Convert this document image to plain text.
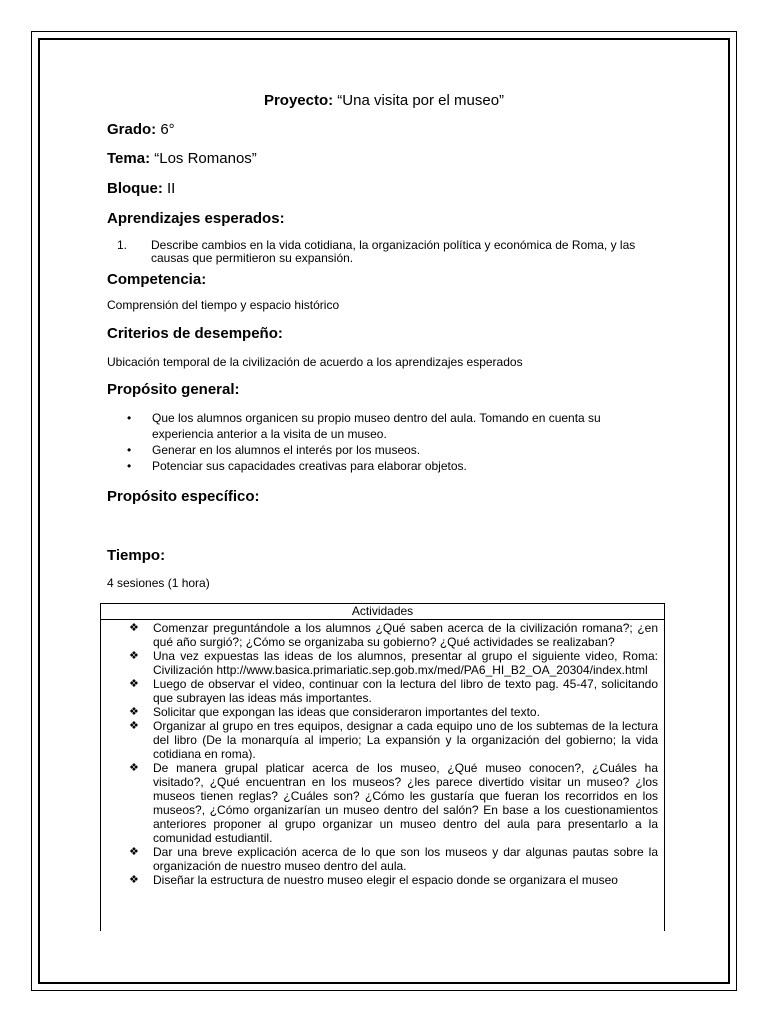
Proyecto: “Una visita por el museo”
Grado: 6°
Tema: “Los Romanos”
Bloque: II
Aprendizajes esperados:
1. Describe cambios en la vida cotidiana, la organización política y económica de Roma, y las causas que permitieron su expansión.
Competencia:
Comprensión del tiempo y espacio histórico
Criterios de desempeño:
Ubicación temporal de la civilización de acuerdo a los aprendizajes esperados
Propósito general:
• Que los alumnos organicen su propio museo dentro del aula. Tomando en cuenta su experiencia anterior a la visita de un museo.
• Generar en los alumnos el interés por los museos.
• Potenciar sus capacidades creativas para elaborar objetos.
Propósito específico:
Tiempo:
4 sesiones (1 hora)
Actividades
❖ Comenzar preguntándole a los alumnos ¿Qué saben acerca de la civilización romana?; ¿en qué año surgió?; ¿Cómo se organizaba su gobierno? ¿Qué actividades se realizaban?
❖ Una vez expuestas las ideas de los alumnos, presentar al grupo el siguiente video, Roma: Civilización http://www.basica.primariatic.sep.gob.mx/med/PA6_HI_B2_OA_20304/index.html
❖ Luego de observar el video, continuar con la lectura del libro de texto pag. 45-47, solicitando que subrayen las ideas más importantes.
❖ Solicitar que expongan las ideas que consideraron importantes del texto.
❖ Organizar al grupo en tres equipos, designar a cada equipo uno de los subtemas de la lectura del libro (De la monarquía al imperio; La expansión y la organización del gobierno; la vida cotidiana en roma).
❖ De manera grupal platicar acerca de los museo, ¿Qué museo conocen?, ¿Cuáles ha visitado?, ¿Qué encuentran en los museos? ¿les parece divertido visitar un museo? ¿los museos tienen reglas? ¿Cuáles son? ¿Cómo les gustaría que fueran los recorridos en los museos?, ¿Cómo organizarían un museo dentro del salón? En base a los cuestionamientos anteriores proponer al grupo organizar un museo dentro del aula para presentarlo a la comunidad estudiantil.
❖ Dar una breve explicación acerca de lo que son los museos y dar algunas pautas sobre la organización de nuestro museo dentro del aula.
❖ Diseñar la estructura de nuestro museo elegir el espacio donde se organizara el museo
